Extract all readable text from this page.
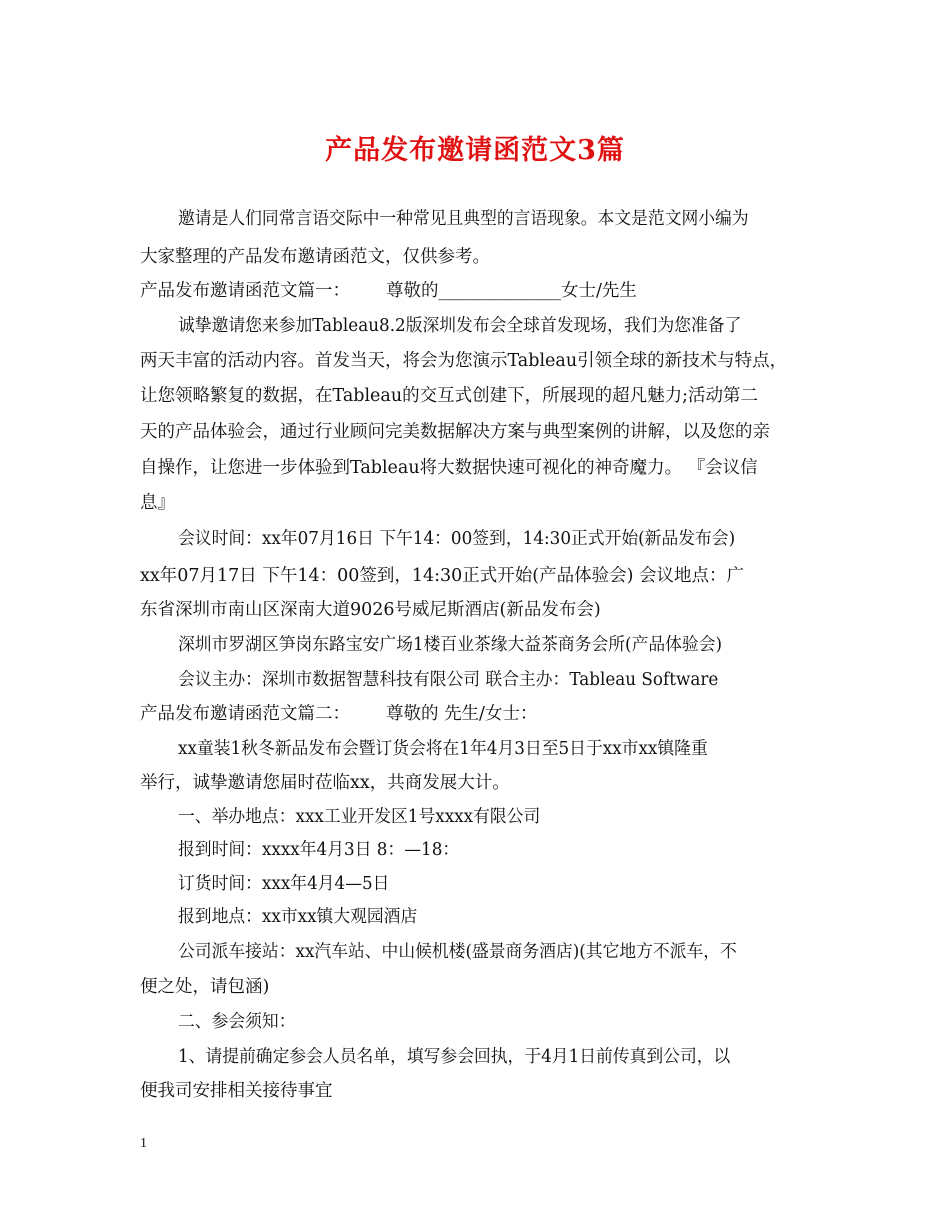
产品发布邀请函范文3篇
邀请是人们同常言语交际中一种常见且典型的言语现象。本文是范文网小编为
大家整理的产品发布邀请函范文，仅供参考。
产品发布邀请函范文篇一： 尊敬的______________女士/先生
诚挚邀请您来参加Tableau8.2版深圳发布会全球首发现场，我们为您准备了
两天丰富的活动内容。首发当天，将会为您演示Tableau引领全球的新技术与特点，
让您领略繁复的数据，在Tableau的交互式创建下，所展现的超凡魅力;活动第二
天的产品体验会，通过行业顾问完美数据解决方案与典型案例的讲解，以及您的亲
自操作，让您进一步体验到Tableau将大数据快速可视化的神奇魔力。 『会议信
息』
会议时间：xx年07月16日 下午14：00签到，14:30正式开始(新品发布会)
xx年07月17日 下午14：00签到，14:30正式开始(产品体验会) 会议地点：广
东省深圳市南山区深南大道9026号威尼斯酒店(新品发布会)
深圳市罗湖区笋岗东路宝安广场1楼百业茶缘大益茶商务会所(产品体验会)
会议主办：深圳市数据智慧科技有限公司 联合主办：Tableau Software
产品发布邀请函范文篇二： 尊敬的 先生/女士：
xx童装1秋冬新品发布会暨订货会将在1年4月3日至5日于xx市xx镇隆重
举行，诚挚邀请您届时莅临xx，共商发展大计。
一、举办地点：xxx工业开发区1号xxxx有限公司
报到时间：xxxx年4月3日 8：—18：
订货时间：xxx年4月4—5日
报到地点：xx市xx镇大观园酒店
公司派车接站：xx汽车站、中山候机楼(盛景商务酒店)(其它地方不派车，不
便之处，请包涵)
二、参会须知：
1、请提前确定参会人员名单，填写参会回执，于4月1日前传真到公司，以
便我司安排相关接待事宜
1
